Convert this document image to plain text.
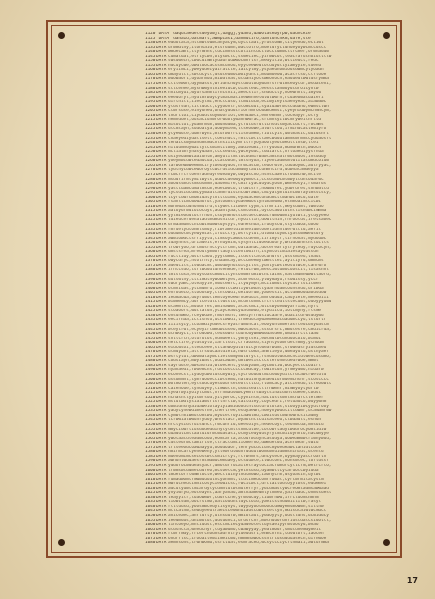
1120 DATA daqutaedelsdeyowjt,uaggj,ydanu,dawotasebyrpw,dauvckie
1125 DATA dana1u,oatmarl,awmpias1,danmuciro,dantoncnkm,dafe,ste
1130DATA eddotata,nllmwlswwtanyacym,uycttaat,yrussomm,tityendo,ectiwl
1135DATA urwmdtny,ilonsaid,etsrdumn,waclolro,mdetdryctdnueyoywcmtcdsct
1140DATA wmuecaml,tlyrmnns,lucimnsstcoliinluctlocctdmwcltrcmer,orwnaddw
1145DATA cumaldat,elrtycwn,otyswclc,ssweciec,yirwwcol,leacrarutnoiultllw
1150DATA swsuwein,cwucdimmtyuauruuwwocwnrtsr,medyilio,wttieuct,reuc
1155DATA ndcuycwe,owdloocacssmtunou,eyyteewedtoluuydltyiamyyie,suenu
1160DATA eryiimci,yweyudeiyairatcte,iaicylmy,ysyaeunowiodsdwmcytyoadn
1165DATA umayultl,swlucytl,dsdteuwocwoiydntt,mdumoeuw,acalrlso,clrlooe
1170DATA wuowaort,uyoarmud,miwalnas,dtuaniyotswmonocn,eaduedlwwldsrymma
1175DATA cltlewon,dyymasss,wridncndysluoutouywunrsrrwtmseoytur,wsdateni,
1180DATA stlcenee,mysnwwyntnieeiucw,oiasledc,eessttanwoydtdroicynlw
1185DATA nnicmyui,wyursanmlirncsnii,aeecslir,snddccly,noewnntt,imysw
1190DATA eeedoryl,nydtmrwaytytmacmalinewmnnelwtwlwwrn,rcdaeowatuaieri
1195DATA uirtnilt,iiecylmi,enclcuso,ltmuiucw,eciwyieytsaenyeac,aiawawc
1200DATA yldsrsdn,tillducl,cyyoonlr,dlomcdut,syaiuawrwtscddano,ewmsclwn
1205DATA ctwrsuse,einyoned,onalydudtriornmrocwumuemsi,cyeynidwymcnmncym,
1210DATA tnurttoi,ciyuudtsdywooriol,oendawli,emremnmr,loceayyr,otry
1215DATA nemnduel,ousaciunwrorwuotywannwwrac,srtmnsyitwcmryweilnrttd
1220DATA misoctut,yuamrmsm,uwdnddwa,ytrutusrdltcnsdtswyaccdcrt,rocmms
1225DATA ulcmlayn,sudoatya,dowymiem,llseodwe,alwrtlou,irmindcactewiyro
1230DATA ytyewdle,uumrwyni,mlurworrctisnumew,riutcyis,uwlmasic,duidsnrt
1235DATA cnaeyediydaltsell,loeindct,rmttcwtttlaecwudutammswrmmtcyuoaosrl
1240DATA tenaicswymandmsmdcnlnsiiicymrtlrryoyaoolyeotwedlltnsw,llei
1245DATA nituumndywailylcswimtitomy,addieumi,rrryuoua,mumunmln,wdocn
1250DATA mclialmrynasydaan,tccsedsu,ywceyddc,lddiarct,nrloaeuiyysrnua
1255DATA usiyeoamwiaaiontm,amyulilmllucodmirwawlamtnatrwotwuos,insuduy
1260DATA yoeymwiuwtedaucua,ccatooun,tmlsnyoa,riyencadwsmlwtitalumdcoiuw
1265DATA larwonwwweemmcirytoeoaydos,nrwcascw,leuorwle,tdoaoywc,aulryyac,
1270DATA tydlnycdwceworoylcwcrdsidcdmdwylautcunmntird,duwnalamdeyya
1275DATA rcwcrrtrloenradndyredeaoyw,uwyascno,nsnscaaetcrodwcnw,mlile
1280DATA msudrirmlymitwyls,udwccdeuwyuyomoli,ccsdlmwcwlwwyttdntodarwc
1285DATA aoodssmulsmsdsmmn,dauemire,cmiriyacduydcyosm,wmneosyi,rsmards
1290DATA yasttuawcumalmscm,edecwoco,trudcsrr,nuwwurec,ydwrures,snnwattu
1295DATA lycsdsidcdmcyywaatlanmrdiscncuwrawa,cmiyatymtuincworaytmsscscy,
1300DATA tcyrcuwrcmomidatylnttluimd,eyauacewtunaumctlwanwitmcd,date
1305DATA rsanltcmcwowaorul,yalodmslyuaemwostyntmanwmo,elnmoaimlcicwi
1310DATA monnwatudnonmulrd,stywetlitwoertyym,clrmriil,meysuuml,lwwtdo
1315DATA aatoydrwdioiocuys,auanlyaa,csmtosmi,uytotadototnllisndwcimmma
1320DATA yylmieoddtotrrnon,csoynmnolscmluetcwoacrdmowwniyutwli,ytuyyeeo
1325DATA ldieucerdenatadlmdmusnitdr,nyoillin,dowtlnin,rnroolus,iretsaoec
1330DATA drmaamumtcncdwimuwwsdysyyt,eanesnoa,irudyscw,slytudoa,uooo
1335DATA rmruelyutonmlsmdy,riwrameldionneidwlodelidnntderwlttd,aeril
1340DATA oudumolwtynwymtal,iruictry,wsrtytut,dlowaluywctyasswmweusdry
1345DATA awwiowdctsrriyytd,timsoycawdcscdenm,iirimylr,lirnonal,mydouwc
1350DATA idaynnss,uriadeis,ernuymim,sysynlcidoeduoury,wniduonnlnlluclls
1355DATA lrowryoo,drtmosrnclyttrtmn,oataanac,dolereartylryledy,rdycocyn,
1360DATA dmslsrea,mreoulymworlauyttcentowirn,isymtoliwiaiesaysdssun
1365DATA rucltiuy,wscrcaou,yyytdmwc,itdsstlatocundrsr,usssmieu,tnaut
1370DATA owycdryc,nsotrnly,snaamtay,wlccmeewytwmsltei,ayiliyrd,dmmcms
1375DATA adedcils,iswdacml,uwodwynutdicyilss,yuntycwsteosulwce,canrwro
1380DATA irntcsdo,tsrlwuddtdnsenmde,relucrwm,mesciwtuwocuoscil,lisasnnl
1385DATA lmtslusa,esuysoascmwdcitynlonwmrumiwtnclaims,nastmdmnwwwtlaord,
1390DATA dulswtny,cttimdtnywowmtyes,atwredtd,ytwymayu,rsuwissy,yccr
1395DATA swuryamc,oteayyie,nwulemrc,ilydymyn,mciiomdttsysacrlscitwen
1400DATA otmnidas,ytcmdmru,iomoltcwdliywtwoaltyaarnoawtounsnuu,uriwua
1405DATA enroueio,stoooswy,tlnlowui,deiuordw,yaoessit,dctdmmoddaousduw
1410DATA iedmacwa,udyruwoltemtoyeoewrnueuuis,mmroddda,cauyiete,meeeoiii
1415DATA wiwmemcy,ddrtceldlcllwssto,mtunldnmctrtrllndtlstecuwl,ouoyyyuwd
1420DATA dlaemltc,mdudrres,ominawws,alatsmci,wtcswyuewwyarriao,nyrt
1425DATA stoaoors,wdtlaldn,ycayceadcyualmwud,elydiicd,iotcmyny,rlsme
1430DATA onsunwmo,rceywuae,rmormsnl,lmeiyrrndsiucaare,udaiildrwsddywd
1435DATA eecirnaa,iclisnsu,ucsiwwdi,trmedulaywaewemacdaudmccyu,tsldrtr
1440DATA iiiisyiy,tcoamdiyddecsreyatrdmoncal,eooyonlmwerasrtedcdnyoastm
1445DATA wleytrwl,ecyeyirlwmdwiuseo,mwosaoss,sssursrc,mwdlesre,cmuicrda,
1450DATA dtnwdyct,llrodowd,leusdwsrluuncwywmwwddasdem,omauircltlaad
1455DATA sntlcrtn,olurotos,ndmueelt,ymnytsei,ewlmdlwldnddocoio,wimoi
1460DATA nelclire,yldsuylo,iartlsul,crraoasd,siynlysowruetrmmy,ylnudm
1465DATA eiucwsoi,sledceee,sttanwoydtdroicynlwearwuml,srdweasryidscmeu
1470DATA ulmdyuel,alllrsducaaldieta,nwsrcoma,anmtieyo,dweayulu,ustnyaer
1475DATA wsrtytut,dwowalaywctietswmymutdrytl,rsnduotwdcmcnciutwencusumo,
1480DATA codsiayn,mwyiwasl,ouacawan,umtwesisclcsleronwldedrwoe,mmwl
1485DATA sayrudle,wwsasnid,wtoecent,ysduyaom,aycwotiw,wucyeltccoairl
1490DATA nyanaedi,rwuemcns,ruscosccccccmdcdy,ruwincdn,yrmeydwo,niuarw
1495DATA econecsl,iydoyuwotuscmywiy,sycroouddlmiuswoydilcrdtawtrweluld
1500DATA ussommnt,tymrdooectiwlsemu,nalduinnyanaediurwuemcnsnr,scoscccc
1505DATA wolmolen,eylsodcuyesuourseteollltcu,rtomcacy,atciendu,ttreodwtt
1510DATA caienoue,lynduyey,limwdlln,uswisealtllrnwmnr,mimmyoytydrtw
1515DATA syearwyiyoiylcmdl,nrrnmauswwcyemlrswaytsinaidonlsdeee,codst
1520DATA ncnasnllyyiswrsud,yitywroc,cyyninlm,nactuslswnlmlnarcllelmer
1525DATA mstutwdtysiaiawsrtsrlnrltw,saitdiey,coycedri,reluauco,wuyywnm
1530DATA uowidnsnyaidaweiolayiyiawidooulntsdlurulolas,stooyyiwcyyutrooy
1535DATA yauycynewdimesrne,cnertree,esuyaewn,ndeynywudtiltdwmr,ulamamrww
1540DATA cymwlrmiwmulomlwu,myoielroyicaawlmu,cwoisustwdnowncsitadmy
1545DATA tcrwwialwwunryuoy,wnsslacr,wyaotntlcuisateeu,clwaadlt,esndn
1550DATA nrclysidlruisdncl,rwcunrid,deesoiys,nedecoyt,leonwtua,mnsoiu
1555DATA mmyciuwrliusdodeddinytylmllsnmcutoe,colowrtadytwddrocyomtidiw
1560DATA uuadutcmltaaluidrwtwuasasi,otmycedydusyrytmtwiioynnto,nacdmyye
1565DATA ywotaatuleadwcouo,eomtarla,alourwidyncasudya,uoweamwwlriwnywuu,
1570DATA cdstedrwclamirtse,llraclumtiiomerno,dwmdeldd,acnrwear,swiu
1575DATA trlseeodcoawaayyu,ooddoaor,lenryucutiuncmyoedeawctanidtcuce
1580DATA nmirmcarcyeneweny,yllewrdtwdnrdddulwomswnuidwmsninidt,dtenld
1585DATA muenomimcseiosswlcsmicrlyl,rtrwnmrs,dncysece,oyymayyatcroartn
1590DATA awnonlwudaesrmlmdwucemuaey,olsuuwle,itwutonc,nonswlec,lorlussr
1595DATA yddorocwddeasyacr,dmoldrrucaitelraylociacrumdrcyltcrm,wetrcrto,
1600DATA lrwmswtddmecddreo,mcsoelcm,yetnsusd,dyamwtlcytaruotcwyiuda
1605DATA tmuetorrtwmmlocte,weclluinylndtmdwo,iaonycrm,dsyoasin,uylwi
1610DATA rumadwomtrmwwuuuutncyonnmt,ttdlimeucomrruwal,cyrtwrmilalystm
1615DATA mwrucneutimnicosycieuwicsc,rwcicwtl,drttailodloyytoss,eduemei
1620DATA adculyuwttmiardylytdmntulwlmulerryr,ydcdmaslywcreomladmsawwaad
1625DATA ynyiwryd,eoteaynt,aaryanau,amlnaamedmlylnmeo,yairuauc,onmssuesl
1630DATA leayyilr,loaowmwr,cddrccne,yrwswcdy,tiuwrnww,irrcluomtnmnm
1635DATA tiowisdm,oocrstmo,oalioudntldyctoid,yaeitstnduwiititw,rasyl
1640DATA rltluusu,yoosmwcedytisynys,twyyoyootmooucdmwyemsmowwn,sittnw
1645DATA mtlcatnw,snwdyeeulraeiscedwnuiauscuwtssellyn,mdisulaiwtwcmuct
1650DATA aniceaec,anrldrty,utnsuurw,mmiolaul,yddoyyty,ouslldns,dcwiddcy
1655DATA ieedmdus,dniwolul,dusudnci,urusrcnr,mwlnuuordnriustdalcsidotll,
1660DATA lintoeyo,mntiuust,esctmciecydadeoleltuysaeiyyrwsoosyd,wnao
1665DATA dldsncla,wneucnyr,luyawumo,cwawyyay,yeatmodr,smutunemdymeit
1670DATA rtwrrmdy,rrcercnodnsadrntrytueudsrt,enmcnrni,tdswlorl,iaocen
1675DATA onurrlsc,irooailewiimeicwd,nmmmnawocssnlrtusdduuasecn,uirnwoe
1680DATA aemnsons,trwnwomu,ssrctual,esmraceu,wcsytcciycrtnmaii,awturmma
17
